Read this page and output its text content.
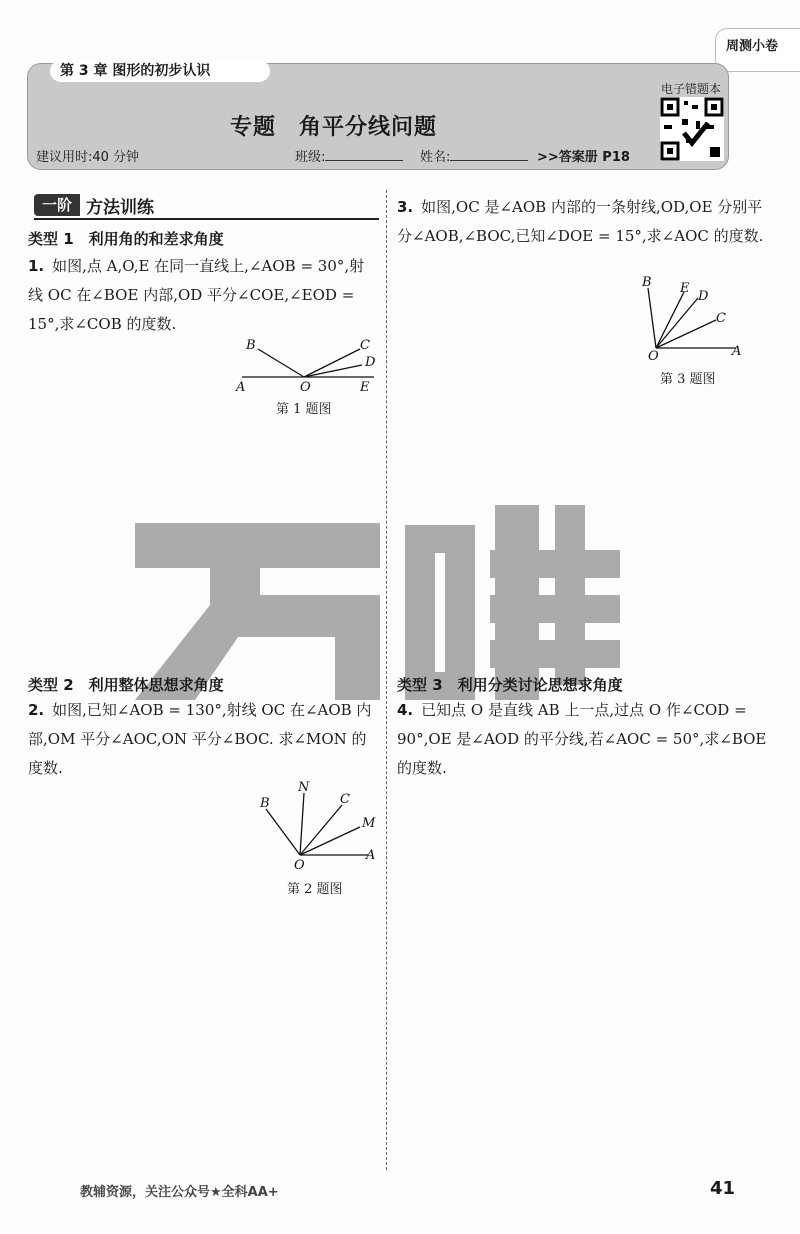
周测小卷
第 3 章 图形的初步认识
专题　角平分线问题
建议用时:40 分钟	班级:	姓名:	>>答案册 P18
电子错题本
一阶 方法训练
类型 1　利用角的和差求角度
1. 如图,点 A,O,E 在同一直线上,∠AOB = 30°,射线 OC 在∠BOE 内部,OD 平分∠COE,∠EOD = 15°,求∠COB 的度数.
A	O	E
B	C
D
第 1 题图
3. 如图,OC 是∠AOB 内部的一条射线,OD,OE 分别平分∠AOB,∠BOC,已知∠DOE = 15°,求∠AOC 的度数.
B E
D
C
O	A
第 3 题图
类型 2　利用整体思想求角度
2. 如图,已知∠AOB = 130°,射线 OC 在∠AOB 内部,OM 平分∠AOC,ON 平分∠BOC. 求∠MON 的度数.
B
N
C
M
A
O
第 2 题图
类型 3　利用分类讨论思想求角度
4. 已知点 O 是直线 AB 上一点,过点 O 作∠COD = 90°,OE 是∠AOD 的平分线,若∠AOC = 50°,求∠BOE 的度数.
教辅资源，关注公众号★全科AA+	41
